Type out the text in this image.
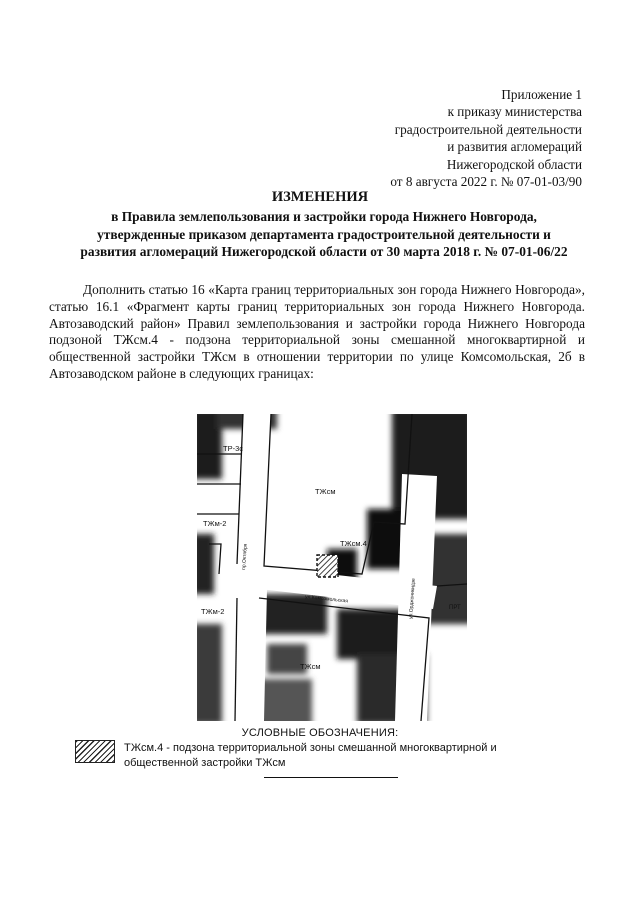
Приложение 1
к приказу министерства
градостроительной деятельности
и развития агломераций
Нижегородской области
от 8 августа 2022 г. № 07-01-03/90
ИЗМЕНЕНИЯ
в Правила землепользования и застройки города Нижнего Новгорода,
утвержденные приказом департамента градостроительной деятельности и
развития агломераций Нижегородской области от 30 марта 2018 г. № 07-01-06/22
Дополнить статью 16 «Карта границ территориальных зон города Нижнего Новгорода», статью 16.1 «Фрагмент карты границ территориальных зон города Нижнего Новгорода. Автозаводский район» Правил землепользования и застройки города Нижнего Новгорода подзоной ТЖсм.4 - подзона территориальной зоны смешанной многоквартирной и общественной застройки ТЖсм в отношении территории по улице Комсомольская, 2б в Автозаводском районе в следующих границах:
ТР-3с
ТЖм-2
ТЖм-2
ТЖсм
ТЖсм.4
ТЖсм
ПРТ
ул.Комсомольская
пр.Октября
ул.Орджоникидзе
УСЛОВНЫЕ ОБОЗНАЧЕНИЯ:
ТЖсм.4 - подзона территориальной зоны смешанной многоквартирной и общественной застройки ТЖсм
